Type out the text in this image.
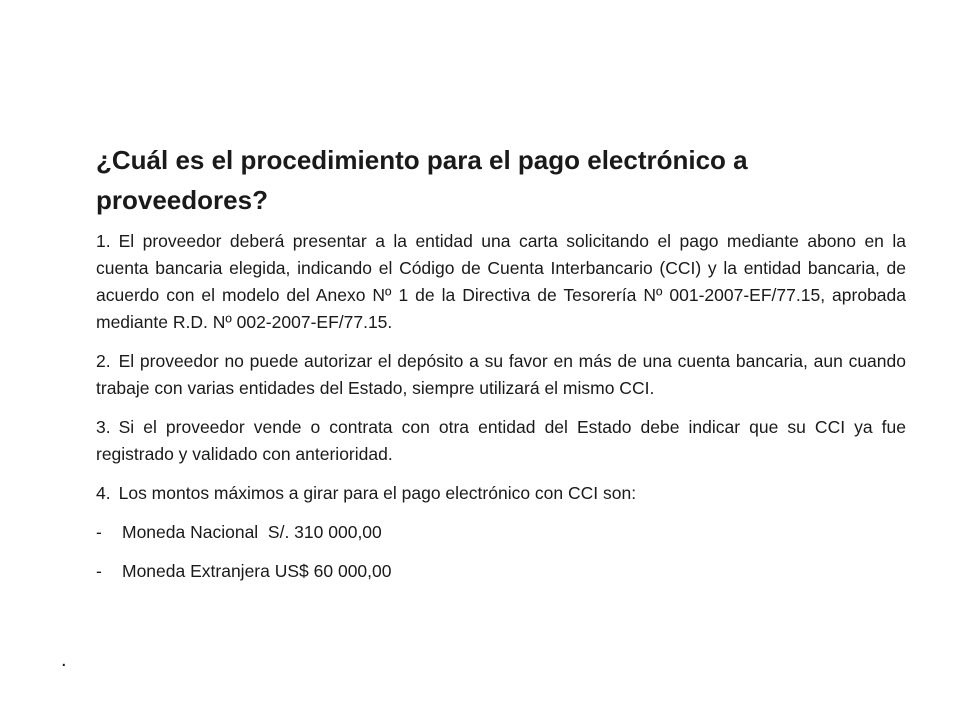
¿Cuál es el procedimiento para el pago electrónico a proveedores?

1. El proveedor deberá presentar a la entidad una carta solicitando el pago mediante abono en la cuenta bancaria elegida, indicando el Código de Cuenta Interbancario (CCI) y la entidad bancaria, de acuerdo con el modelo del Anexo Nº 1 de la Directiva de Tesorería Nº 001-2007-EF/77.15, aprobada mediante R.D. Nº 002-2007-EF/77.15.

2. El proveedor no puede autorizar el depósito a su favor en más de una cuenta bancaria, aun cuando trabaje con varias entidades del Estado, siempre utilizará el mismo CCI.

3. Si el proveedor vende o contrata con otra entidad del Estado debe indicar que su CCI ya fue registrado y validado con anterioridad.

4. Los montos máximos a girar para el pago electrónico con CCI son:

-	Moneda Nacional  S/. 310 000,00
-	Moneda Extranjera US$ 60 000,00
.
